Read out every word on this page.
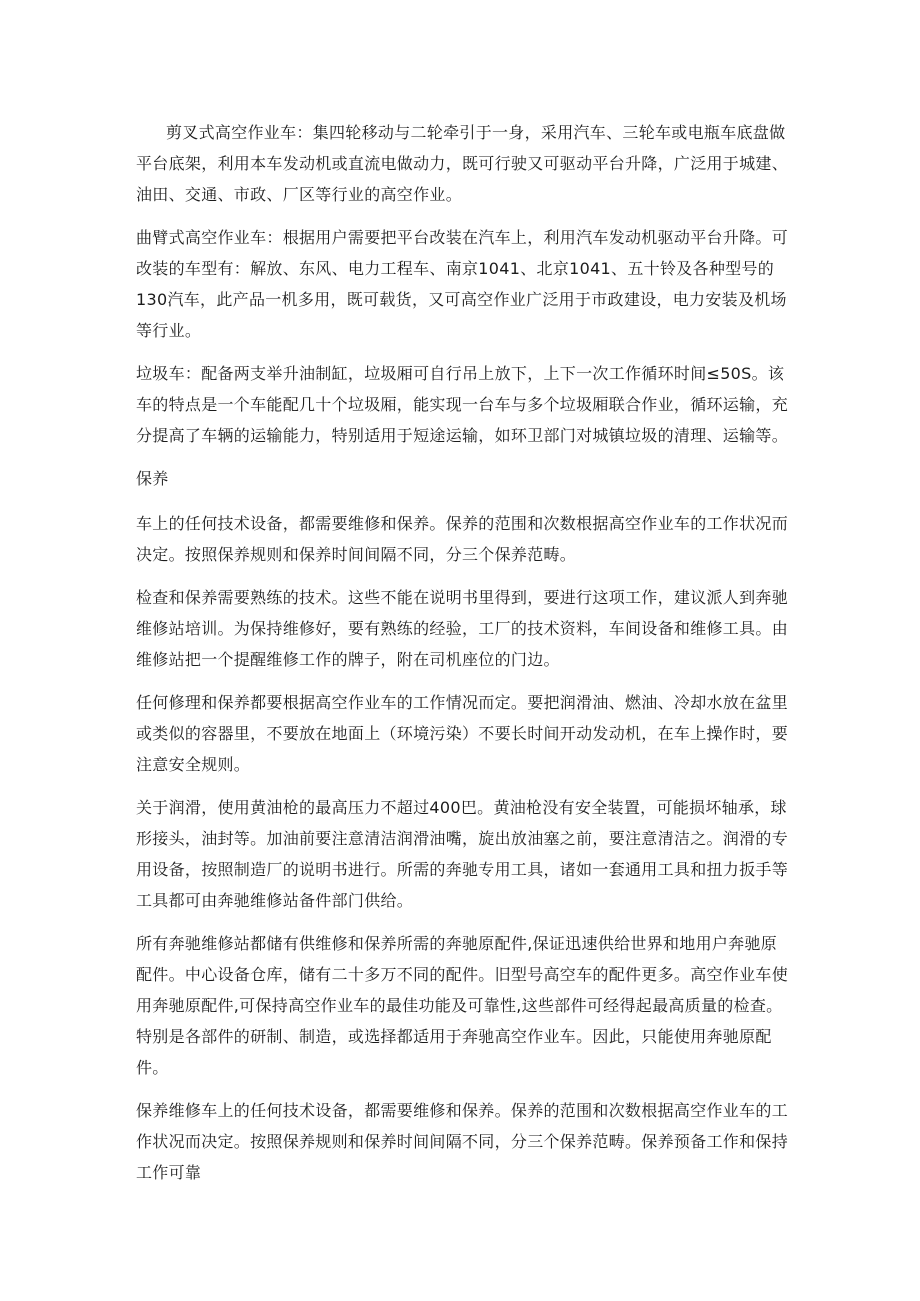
剪叉式高空作业车：集四轮移动与二轮牵引于一身，采用汽车、三轮车或电瓶车底盘做平台底架，利用本车发动机或直流电做动力，既可行驶又可驱动平台升降，广泛用于城建、油田、交通、市政、厂区等行业的高空作业。

曲臂式高空作业车：根据用户需要把平台改装在汽车上，利用汽车发动机驱动平台升降。可改装的车型有：解放、东风、电力工程车、南京1041、北京1041、五十铃及各种型号的130汽车，此产品一机多用，既可载货，又可高空作业广泛用于市政建设，电力安装及机场等行业。

垃圾车：配备两支举升油制缸，垃圾厢可自行吊上放下，上下一次工作循环时间≤50S。该车的特点是一个车能配几十个垃圾厢，能实现一台车与多个垃圾厢联合作业，循环运输，充分提高了车辆的运输能力，特别适用于短途运输，如环卫部门对城镇垃圾的清理、运输等。

保养

车上的任何技术设备，都需要维修和保养。保养的范围和次数根据高空作业车的工作状况而决定。按照保养规则和保养时间间隔不同，分三个保养范畴。

检查和保养需要熟练的技术。这些不能在说明书里得到，要进行这项工作，建议派人到奔驰维修站培训。为保持维修好，要有熟练的经验，工厂的技术资料，车间设备和维修工具。由维修站把一个提醒维修工作的牌子，附在司机座位的门边。

任何修理和保养都要根据高空作业车的工作情况而定。要把润滑油、燃油、冷却水放在盆里或类似的容器里，不要放在地面上（环境污染）不要长时间开动发动机，在车上操作时，要注意安全规则。

关于润滑，使用黄油枪的最高压力不超过400巴。黄油枪没有安全装置，可能损坏轴承，球形接头，油封等。加油前要注意清洁润滑油嘴，旋出放油塞之前，要注意清洁之。润滑的专用设备，按照制造厂的说明书进行。所需的奔驰专用工具，诸如一套通用工具和扭力扳手等工具都可由奔驰维修站备件部门供给。

所有奔驰维修站都储有供维修和保养所需的奔驰原配件,保证迅速供给世界和地用户奔驰原配件。中心设备仓库，储有二十多万不同的配件。旧型号高空车的配件更多。高空作业车使用奔驰原配件,可保持高空作业车的最佳功能及可靠性,这些部件可经得起最高质量的检查。特别是各部件的研制、制造，或选择都适用于奔驰高空作业车。因此，只能使用奔驰原配件。

保养维修车上的任何技术设备，都需要维修和保养。保养的范围和次数根据高空作业车的工作状况而决定。按照保养规则和保养时间间隔不同，分三个保养范畴。保养预备工作和保持工作可靠
